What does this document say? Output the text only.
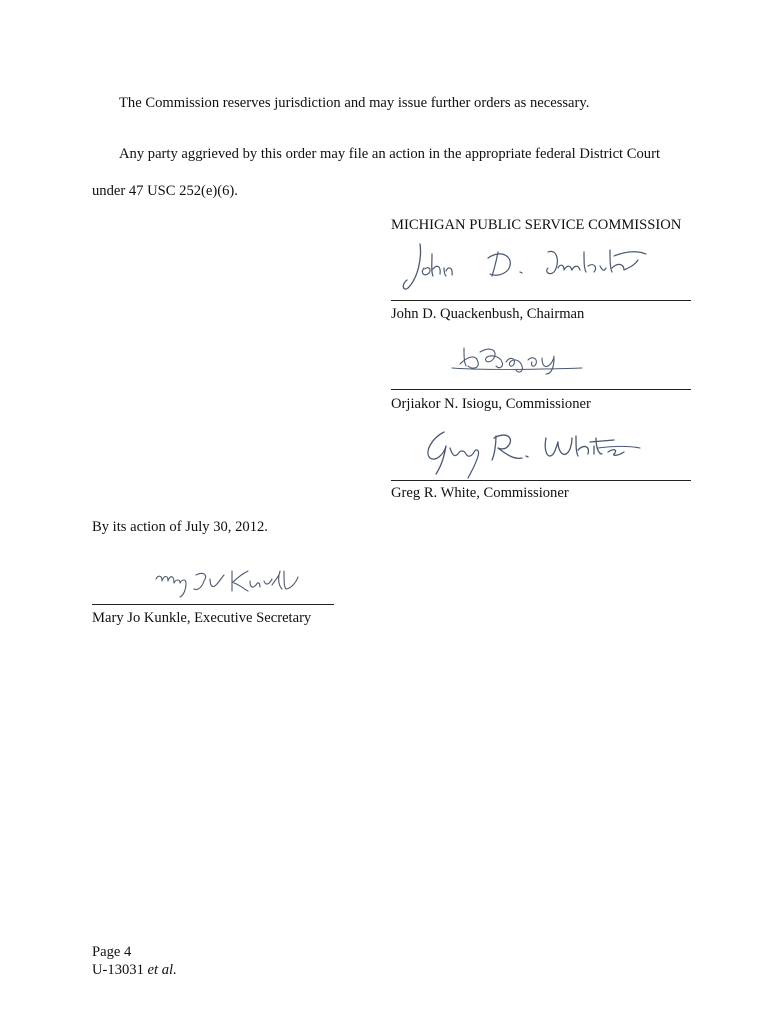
The Commission reserves jurisdiction and may issue further orders as necessary.
Any party aggrieved by this order may file an action in the appropriate federal District Court
under 47 USC 252(e)(6).
MICHIGAN PUBLIC SERVICE COMMISSION
John D. Quackenbush, Chairman
Orjiakor N. Isiogu, Commissioner
Greg R. White, Commissioner
By its action of July 30, 2012.
Mary Jo Kunkle, Executive Secretary
Page 4
U-13031 et al.
